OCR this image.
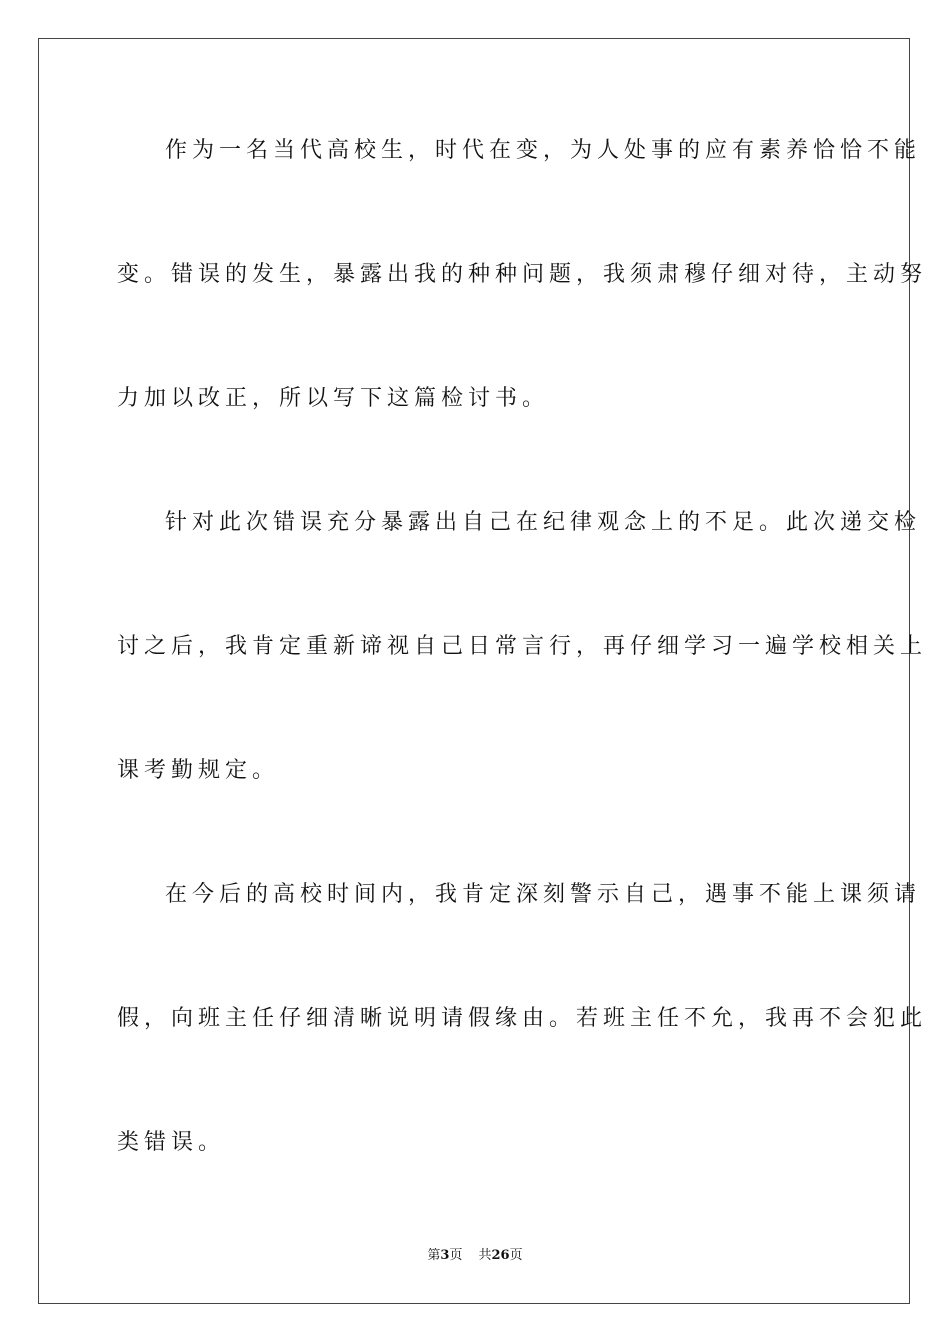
作为一名当代高校生，时代在变，为人处事的应有素养恰恰不能
变。错误的发生，暴露出我的种种问题，我须肃穆仔细对待，主动努
力加以改正，所以写下这篇检讨书。
针对此次错误充分暴露出自己在纪律观念上的不足。此次递交检
讨之后，我肯定重新谛视自己日常言行，再仔细学习一遍学校相关上
课考勤规定。
在今后的高校时间内，我肯定深刻警示自己，遇事不能上课须请
假，向班主任仔细清晰说明请假缘由。若班主任不允，我再不会犯此
类错误。
第3页 共26页
